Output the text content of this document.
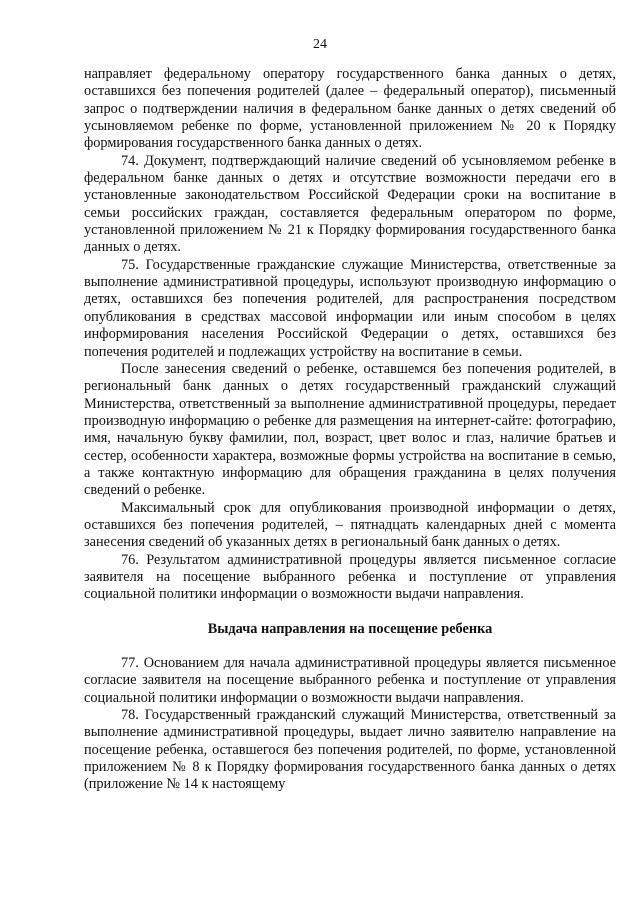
24

направляет федеральному оператору государственного банка данных о детях, оставшихся без попечения родителей (далее – федеральный оператор), письменный запрос о подтверждении наличия в федеральном банке данных о детях сведений об усыновляемом ребенке по форме, установленной приложением № 20 к Порядку формирования государственного банка данных о детях.

74. Документ, подтверждающий наличие сведений об усыновляемом ребенке в федеральном банке данных о детях и отсутствие возможности передачи его в установленные законодательством Российской Федерации сроки на воспитание в семьи российских граждан, составляется федеральным оператором по форме, установленной приложением № 21 к Порядку формирования государственного банка данных о детях.

75. Государственные гражданские служащие Министерства, ответственные за выполнение административной процедуры, используют производную информацию о детях, оставшихся без попечения родителей, для распространения посредством опубликования в средствах массовой информации или иным способом в целях информирования населения Российской Федерации о детях, оставшихся без попечения родителей и подлежащих устройству на воспитание в семьи.

После занесения сведений о ребенке, оставшемся без попечения родителей, в региональный банк данных о детях государственный гражданский служащий Министерства, ответственный за выполнение административной процедуры, передает производную информацию о ребенке для размещения на интернет-сайте: фотографию, имя, начальную букву фамилии, пол, возраст, цвет волос и глаз, наличие братьев и сестер, особенности характера, возможные формы устройства на воспитание в семью, а также контактную информацию для обращения гражданина в целях получения сведений о ребенке.

Максимальный срок для опубликования производной информации о детях, оставшихся без попечения родителей, – пятнадцать календарных дней с момента занесения сведений об указанных детях в региональный банк данных о детях.

76. Результатом административной процедуры является письменное согласие заявителя на посещение выбранного ребенка и поступление от управления социальной политики информации о возможности выдачи направления.

Выдача направления на посещение ребенка

77. Основанием для начала административной процедуры является письменное согласие заявителя на посещение выбранного ребенка и поступление от управления социальной политики информации о возможности выдачи направления.

78. Государственный гражданский служащий Министерства, ответственный за выполнение административной процедуры, выдает лично заявителю направление на посещение ребенка, оставшегося без попечения родителей, по форме, установленной приложением № 8 к Порядку формирования государственного банка данных о детях (приложение № 14 к настоящему
